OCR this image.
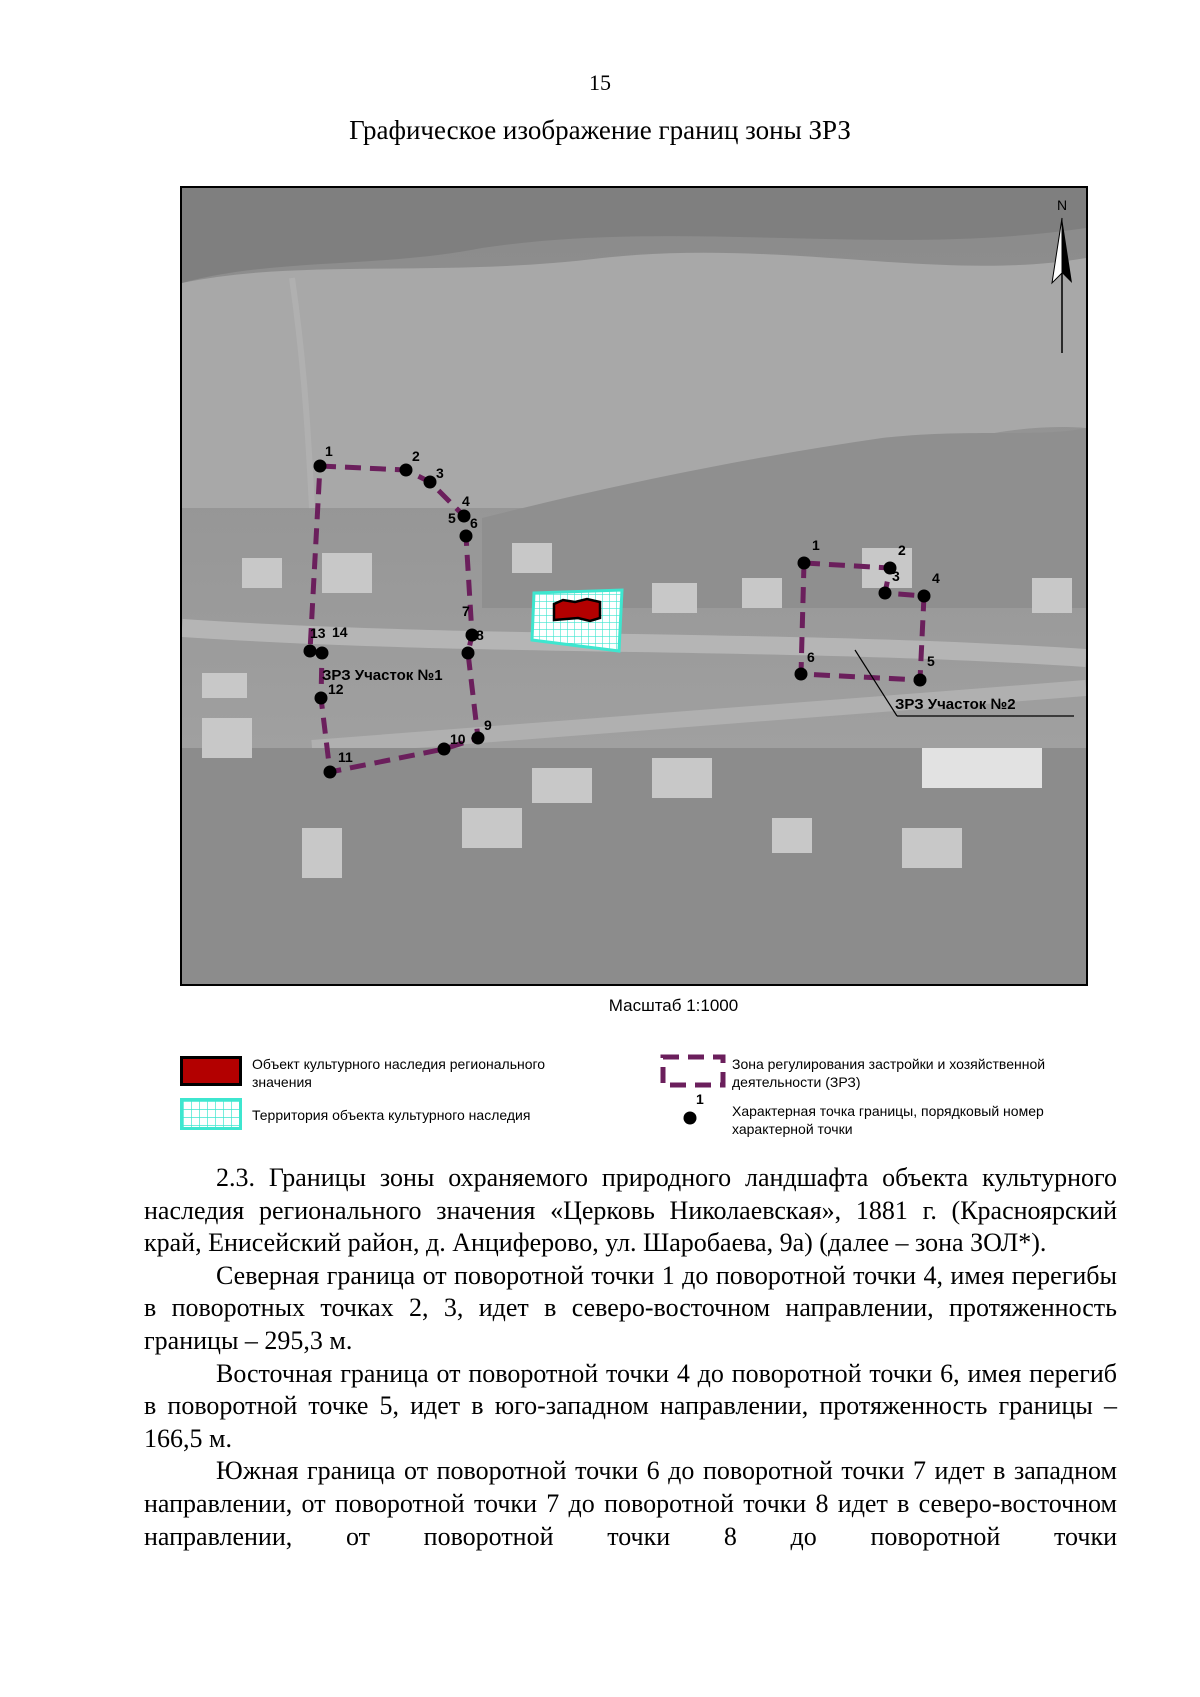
15
Графическое изображение границ зоны ЗРЗ
N
1	2
3
4
5 6
7
8
9
10
11
12
13 14
1	2
3 4
5
6
ЗРЗ Участок №1
ЗРЗ Участок №2
Масштаб 1:1000
Объект культурного наследия регионального значения
Территория объекта культурного наследия
Зона регулирования застройки и хозяйственной деятельности (ЗРЗ)
1
Характерная точка границы, порядковый номер характерной точки

2.3. Границы зоны охраняемого природного ландшафта объекта культурного наследия регионального значения «Церковь Николаевская», 1881 г. (Красноярский край, Енисейский район, д. Анциферово, ул. Шаробаева, 9а) (далее – зона ЗОЛ*).

Северная граница от поворотной точки 1 до поворотной точки 4, имея перегибы в поворотных точках 2, 3, идет в северо-восточном направлении, протяженность границы – 295,3 м.

Восточная граница от поворотной точки 4 до поворотной точки 6, имея перегиб в поворотной точке 5, идет в юго-западном направлении, протяженность границы – 166,5 м.

Южная граница от поворотной точки 6 до поворотной точки 7 идет в западном направлении, от поворотной точки 7 до поворотной точки 8 идет в северо-восточном направлении, от поворотной точки 8 до поворотной точки
